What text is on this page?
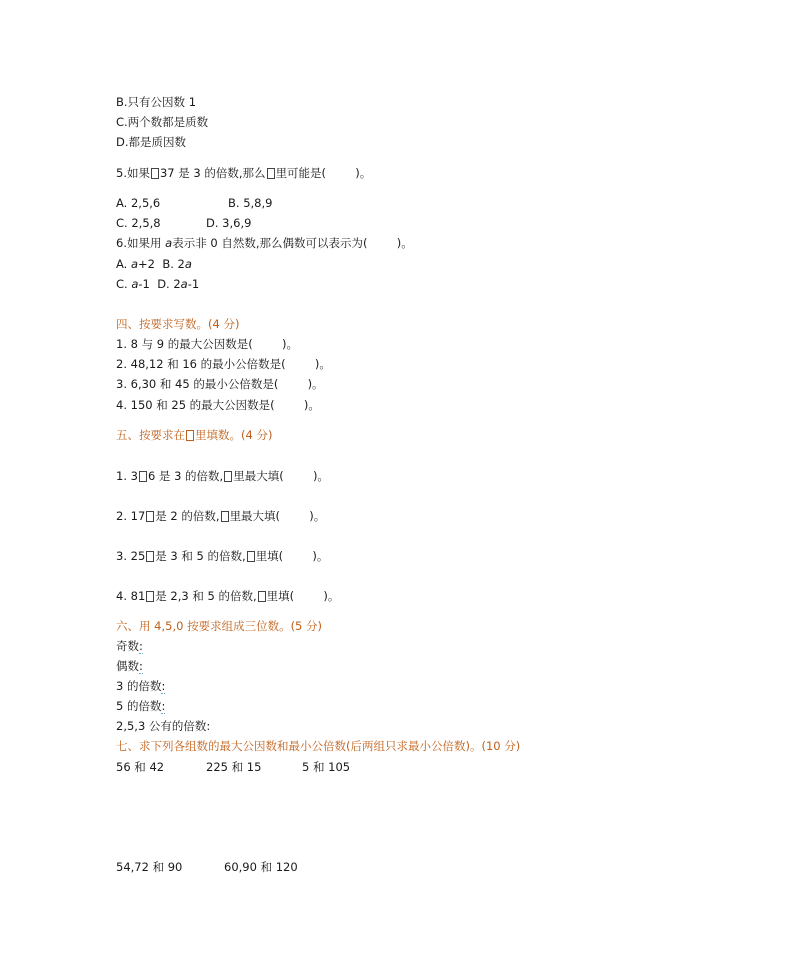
B.只有公因数 1
C.两个数都是质数
D.都是质因数
5.如果 37 是 3 的倍数,那么 里可能是(        )。
A. 2,5,6	B. 5,8,9
C. 2,5,8	D. 3,6,9
6.如果用 a表示非 0 自然数,那么偶数可以表示为(        )。
A. a+2 B. 2a
C. a-1 D. 2a-1
四、按要求写数。(4 分)
1. 8 与 9 的最大公因数是(        )。
2. 48,12 和 16 的最小公倍数是(        )。
3. 6,30 和 45 的最小公倍数是(        )。
4. 150 和 25 的最大公因数是(        )。
五、按要求在 里填数。(4 分)
1. 3 6 是 3 的倍数, 里最大填(        )。
2. 17 是 2 的倍数, 里最大填(        )。
3. 25 是 3 和 5 的倍数, 里填(        )。
4. 81 是 2,3 和 5 的倍数, 里填(        )。
六、用 4,5,0 按要求组成三位数。(5 分)
奇数:
偶数:
3 的倍数:
5 的倍数:
2,5,3 公有的倍数:
七、求下列各组数的最大公因数和最小公倍数(后两组只求最小公倍数)。(10 分)
56 和 42	225 和 15	5 和 105
54,72 和 90	60,90 和 120
